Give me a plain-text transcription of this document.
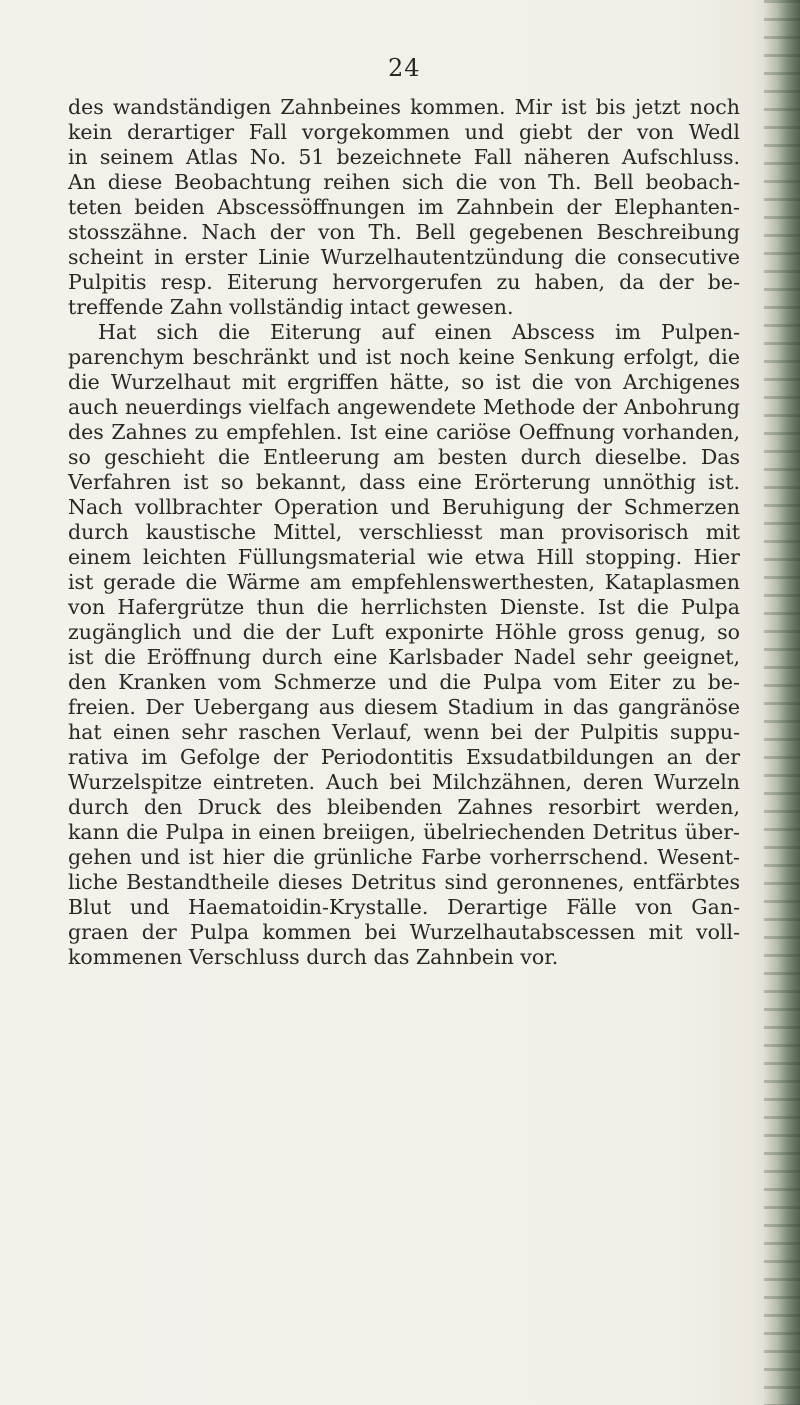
24
des wandständigen Zahnbeines kommen. Mir ist bis jetzt noch
kein derartiger Fall vorgekommen und giebt der von Wedl
in seinem Atlas No. 51 bezeichnete Fall näheren Aufschluss.
An diese Beobachtung reihen sich die von Th. Bell beobach-
teten beiden Abscessöffnungen im Zahnbein der Elephanten-
stosszähne. Nach der von Th. Bell gegebenen Beschreibung
scheint in erster Linie Wurzelhautentzündung die consecutive
Pulpitis resp. Eiterung hervorgerufen zu haben, da der be-
treffende Zahn vollständig intact gewesen.
Hat sich die Eiterung auf einen Abscess im Pulpen-
parenchym beschränkt und ist noch keine Senkung erfolgt, die
die Wurzelhaut mit ergriffen hätte, so ist die von Archigenes
auch neuerdings vielfach angewendete Methode der Anbohrung
des Zahnes zu empfehlen. Ist eine cariöse Oeffnung vorhanden,
so geschieht die Entleerung am besten durch dieselbe. Das
Verfahren ist so bekannt, dass eine Erörterung unnöthig ist.
Nach vollbrachter Operation und Beruhigung der Schmerzen
durch kaustische Mittel, verschliesst man provisorisch mit
einem leichten Füllungsmaterial wie etwa Hill stopping. Hier
ist gerade die Wärme am empfehlenswerthesten, Kataplasmen
von Hafergrütze thun die herrlichsten Dienste. Ist die Pulpa
zugänglich und die der Luft exponirte Höhle gross genug, so
ist die Eröffnung durch eine Karlsbader Nadel sehr geeignet,
den Kranken vom Schmerze und die Pulpa vom Eiter zu be-
freien. Der Uebergang aus diesem Stadium in das gangränöse
hat einen sehr raschen Verlauf, wenn bei der Pulpitis suppu-
rativa im Gefolge der Periodontitis Exsudatbildungen an der
Wurzelspitze eintreten. Auch bei Milchzähnen, deren Wurzeln
durch den Druck des bleibenden Zahnes resorbirt werden,
kann die Pulpa in einen breiigen, übelriechenden Detritus über-
gehen und ist hier die grünliche Farbe vorherrschend. Wesent-
liche Bestandtheile dieses Detritus sind geronnenes, entfärbtes
Blut und Haematoidin-Krystalle. Derartige Fälle von Gan-
graen der Pulpa kommen bei Wurzelhautabscessen mit voll-
kommenen Verschluss durch das Zahnbein vor.
